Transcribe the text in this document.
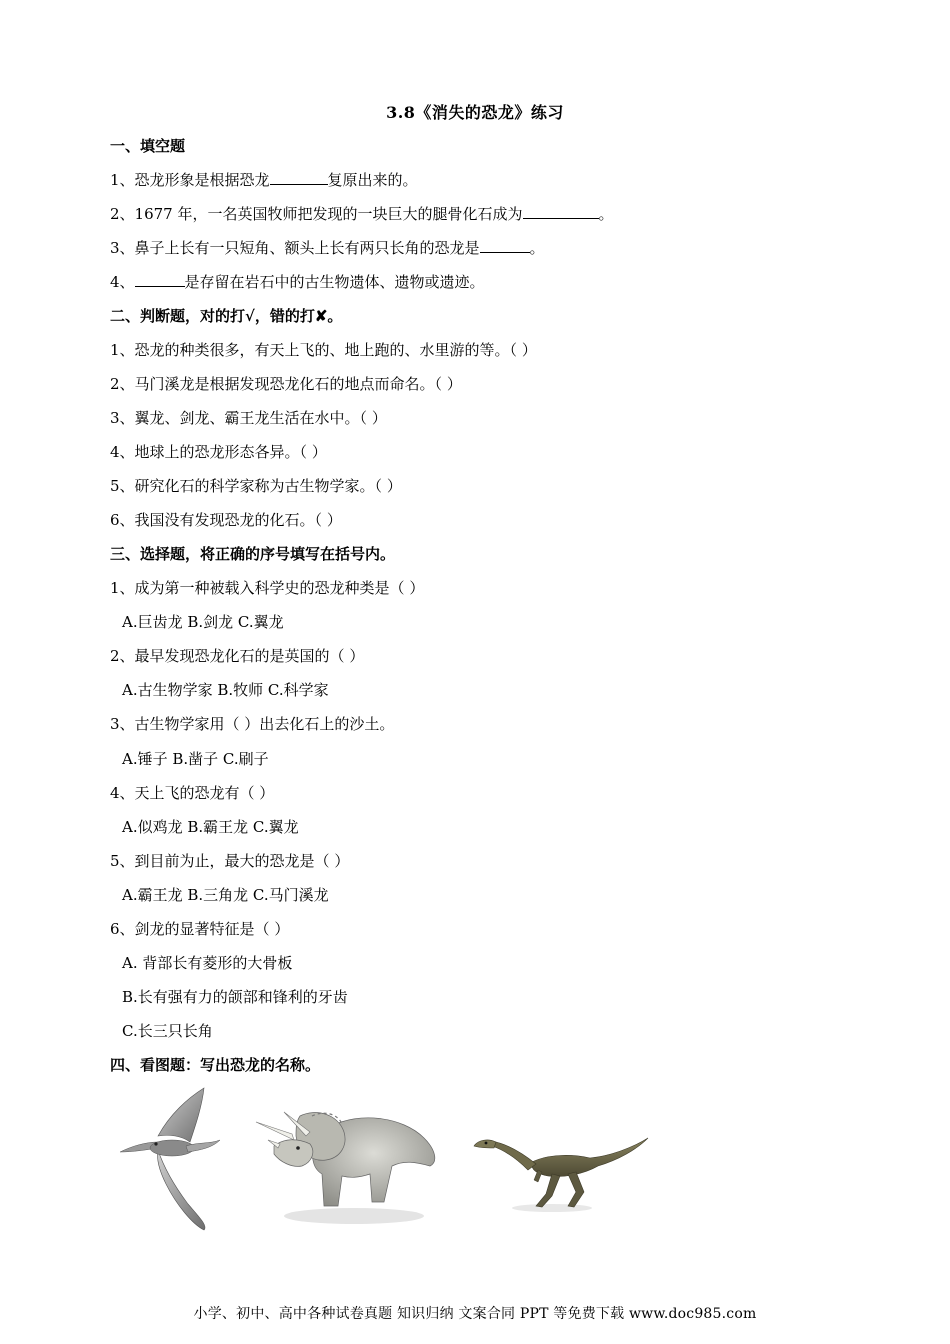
3.8《消失的恐龙》练习
一、填空题
1、恐龙形象是根据恐龙	复原出来的。
2、1677 年，一名英国牧师把发现的一块巨大的腿骨化石成为	。
3、鼻子上长有一只短角、额头上长有两只长角的恐龙是	。
4、	是存留在岩石中的古生物遗体、遗物或遗迹。
二、判断题，对的打√，错的打✘。
1、恐龙的种类很多，有天上飞的、地上跑的、水里游的等。（ ）
2、马门溪龙是根据发现恐龙化石的地点而命名。（ ）
3、翼龙、剑龙、霸王龙生活在水中。（ ）
4、地球上的恐龙形态各异。（ ）
5、研究化石的科学家称为古生物学家。（ ）
6、我国没有发现恐龙的化石。（ ）
三、选择题，将正确的序号填写在括号内。
1、成为第一种被载入科学史的恐龙种类是（ ）
A.巨齿龙 B.剑龙 C.翼龙
2、最早发现恐龙化石的是英国的（ ）
A.古生物学家 B.牧师 C.科学家
3、古生物学家用（ ）出去化石上的沙土。
A.锤子 B.凿子 C.刷子
4、天上飞的恐龙有（ ）
A.似鸡龙 B.霸王龙 C.翼龙
5、到目前为止，最大的恐龙是（ ）
A.霸王龙 B.三角龙 C.马门溪龙
6、剑龙的显著特征是（ ）
A. 背部长有菱形的大骨板
B.长有强有力的颌部和锋利的牙齿
C.长三只长角
四、看图题：写出恐龙的名称。
小学、初中、高中各种试卷真题 知识归纳 文案合同 PPT 等免费下载 www.doc985.com
